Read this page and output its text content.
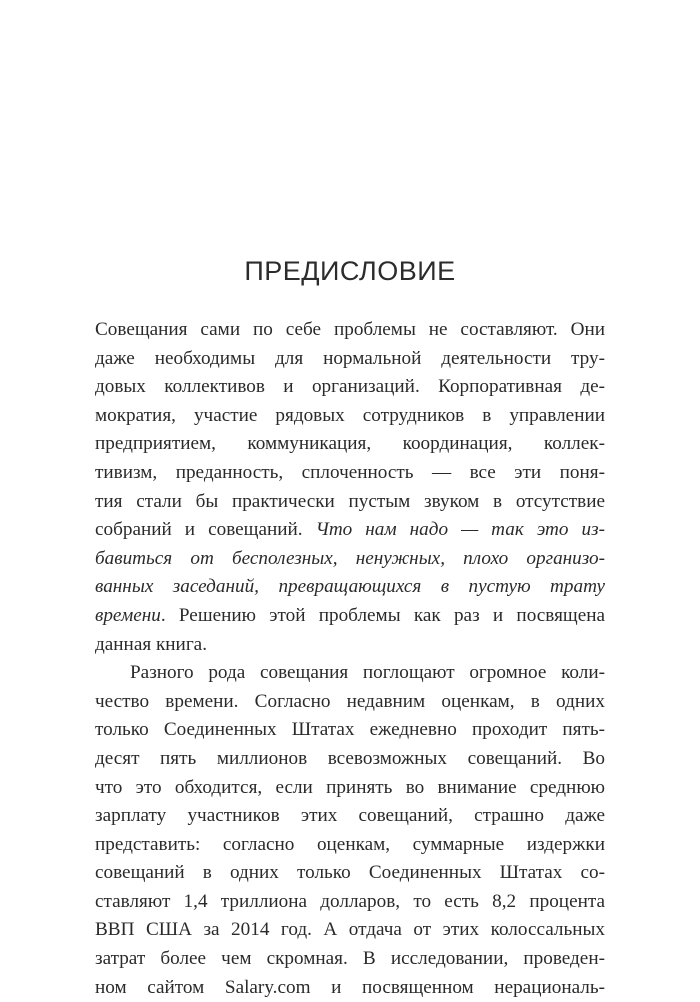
ПРЕДИСЛОВИЕ
Совещания сами по себе проблемы не составляют. Они
даже необходимы для нормальной деятельности тру-
довых коллективов и организаций. Корпоративная де-
мократия, участие рядовых сотрудников в управлении
предприятием, коммуникация, координация, коллек-
тивизм, преданность, сплоченность — все эти поня-
тия стали бы практически пустым звуком в отсутствие
собраний и совещаний. Что нам надо — так это из-
бавиться от бесполезных, ненужных, плохо организо-
ванных заседаний, превращающихся в пустую трату
времени. Решению этой проблемы как раз и посвящена
данная книга.
Разного рода совещания поглощают огромное коли-
чество времени. Согласно недавним оценкам, в одних
только Соединенных Штатах ежедневно проходит пять-
десят пять миллионов всевозможных совещаний. Во
что это обходится, если принять во внимание среднюю
зарплату участников этих совещаний, страшно даже
представить: согласно оценкам, суммарные издержки
совещаний в одних только Соединенных Штатах со-
ставляют 1,4 триллиона долларов, то есть 8,2 процента
ВВП США за 2014 год. А отдача от этих колоссальных
затрат более чем скромная. В исследовании, проведен-
ном сайтом Salary.com и посвященном нерациональ-
